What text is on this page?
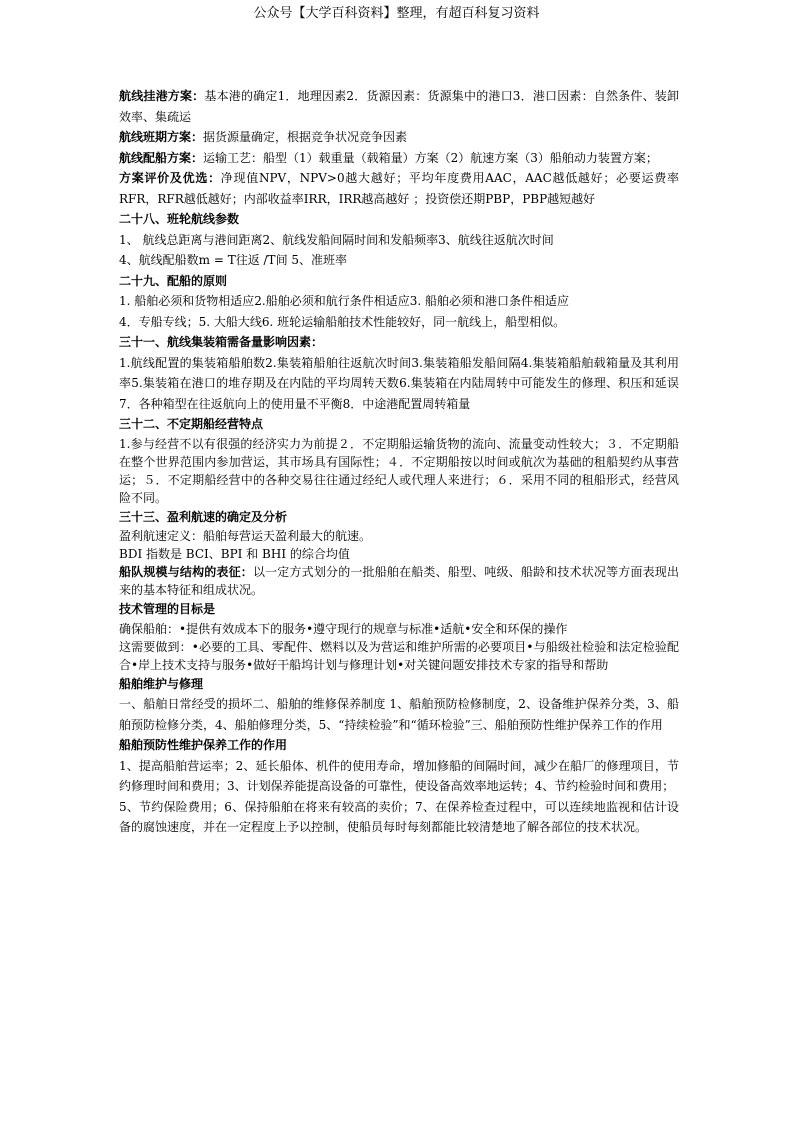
公众号【大学百科资料】整理，有超百科复习资料

航线挂港方案：基本港的确定1．地理因素2．货源因素：货源集中的港口3．港口因素：自然条件、装卸效率、集疏运

航线班期方案：据货源量确定，根据竞争状况竞争因素

航线配船方案：运输工艺：船型（1）载重量（载箱量）方案（2）航速方案（3）船舶动力装置方案；

方案评价及优选：净现值NPV，NPV>0越大越好；平均年度费用AAC，AAC越低越好；必要运费率RFR，RFR越低越好；内部收益率IRR，IRR越高越好 ；投资偿还期PBP，PBP越短越好

二十八、班轮航线参数

1、 航线总距离与港间距离2、航线发船间隔时间和发船频率3、航线往返航次时间

4、航线配船数m = T往返 /T间 5、准班率

二十九、配船的原则

1. 船舶必须和货物相适应2.船舶必须和航行条件相适应3. 船舶必须和港口条件相适应

4．专船专线；5. 大船大线6. 班轮运输船舶技术性能较好，同一航线上，船型相似。

三十一、航线集装箱需备量影响因素：

1.航线配置的集装箱船舶数2.集装箱船舶往返航次时间3.集装箱船发船间隔4.集装箱船舶载箱量及其利用率5.集装箱在港口的堆存期及在内陆的平均周转天数6.集装箱在内陆周转中可能发生的修理、积压和延误7．各种箱型在往返航向上的使用量不平衡8．中途港配置周转箱量

三十二、不定期船经营特点

1.参与经营不以有很强的经济实力为前提２．不定期船运输货物的流向、流量变动性较大；３．不定期船在整个世界范围内参加营运，其市场具有国际性；４．不定期船按以时间或航次为基础的租船契约从事营运；５．不定期船经营中的各种交易往往通过经纪人或代理人来进行；６．采用不同的租船形式，经营风险不同。

三十三、盈利航速的确定及分析

盈利航速定义：船舶每营运天盈利最大的航速。

BDI 指数是 BCI、BPI 和 BHI 的综合均值

船队规模与结构的表征：以一定方式划分的一批船舶在船类、船型、吨级、船龄和技术状况等方面表现出来的基本特征和组成状况。

技术管理的目标是

确保船舶：•提供有效成本下的服务•遵守现行的规章与标准•适航•安全和环保的操作

这需要做到：•必要的工具、零配件、燃料以及为营运和维护所需的必要项目•与船级社检验和法定检验配合•岸上技术支持与服务•做好干船坞计划与修理计划•对关键问题安排技术专家的指导和帮助

船舶维护与修理

一、船舶日常经受的损坏二、船舶的维修保养制度 1、船舶预防检修制度，2、设备维护保养分类，3、船舶预防检修分类，4、船舶修理分类，5、“持续检验”和“循环检验”三、船舶预防性维护保养工作的作用

船舶预防性维护保养工作的作用

1、提高船舶营运率；2、延长船体、机件的使用寿命，增加修船的间隔时间，减少在船厂的修理项目，节约修理时间和费用；3、计划保养能提高设备的可靠性，使设备高效率地运转；4、节约检验时间和费用；

5、节约保险费用；6、保持船舶在将来有较高的卖价；7、在保养检查过程中，可以连续地监视和估计设备的腐蚀速度，并在一定程度上予以控制，使船员每时每刻都能比较清楚地了解各部位的技术状况。
